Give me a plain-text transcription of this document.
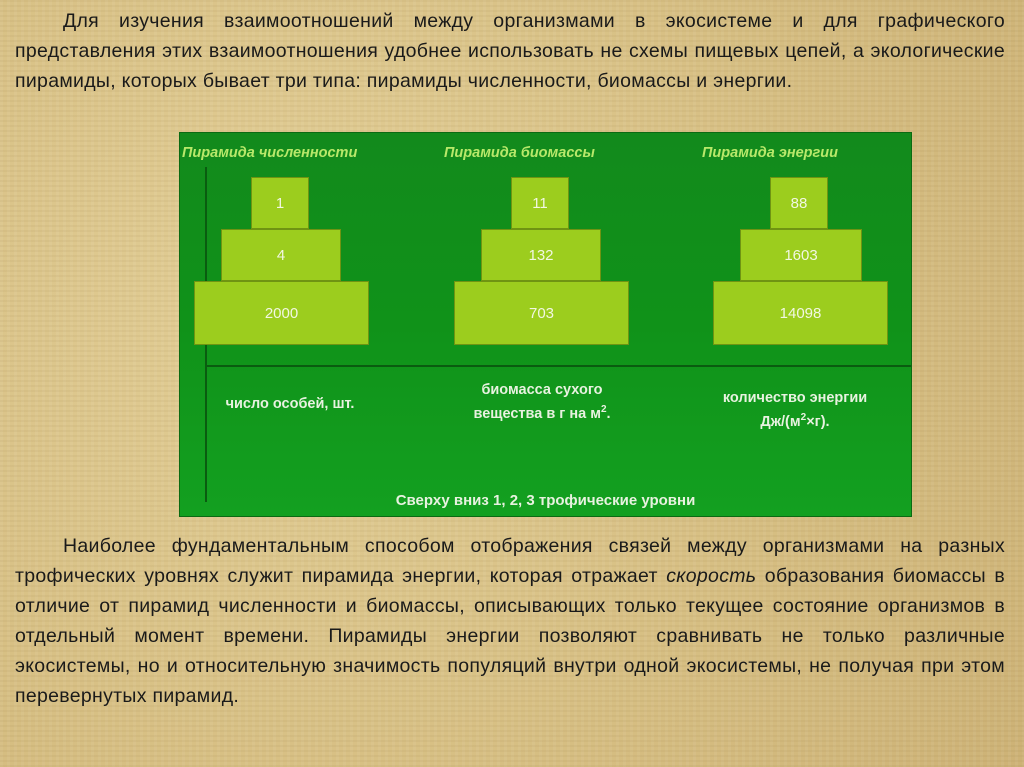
Для изучения взаимоотношений между организмами в экосистеме и для графического представления этих взаимоотношения удобнее использовать не схемы пищевых цепей, а экологические пирамиды, которых бывает три типа: пирамиды численности, биомассы и энергии.

Пирамида численности
1
4
2000
число особей, шт.
Пирамида биомассы
11
132
703
биомасса сухого
вещества в г на $м^2$.
Пирамида энергии
88
1603
14098
количество энергии
$Дж/(м^2\times г)$.
Сверху вниз 1, 2, 3 трофические уровни

Наиболее фундаментальным способом отображения связей между организмами на разных трофических уровнях служит пирамида энергии, которая отражает скорость образования биомассы в отличие от пирамид численности и биомассы, описывающих только текущее состояние организмов в отдельный момент времени. Пирамиды энергии позволяют сравнивать не только различные экосистемы, но и относительную значимость популяций внутри одной экосистемы, не получая при этом перевернутых пирамид.
